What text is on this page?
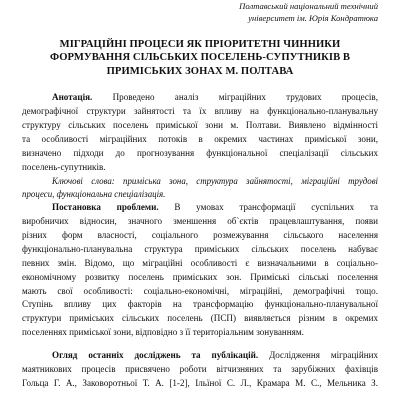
Полтавський національний технічний
університет ім. Юрія Кондратюка
МІГРАЦІЙНІ ПРОЦЕСИ ЯК ПРІОРИТЕТНІ ЧИННИКИ
ФОРМУВАННЯ СІЛЬСЬКИХ ПОСЕЛЕНЬ-СУПУТНИКІВ В
ПРИМІСЬКИХ ЗОНАХ М. ПОЛТАВА
Анотація. Проведено аналіз міграційних трудових процесів,
демографічної структури зайнятості та їх впливу на функціонально-планувальну
структуру сільських поселень приміської зони м. Полтави. Виявлено відмінності
та особливості міграційних потоків в окремих частинах приміської зони,
визначено підходи до прогнозування функціональної спеціалізації сільських
поселень-супутників.
Ключові слова: приміська зона, структура зайнятості, міграційні трудові
процеси, функціональна спеціалізація.
Постановка проблеми. В умовах трансформації суспільних та
виробничих відносин, значного зменшення об`єктів працевлаштування, появи
різних форм власності, соціального розмежування сільського населення
функціонально-планувальна структура приміських сільських поселень набуває
певних змін. Відомо, що міграційні особливості є визначальними в соціально-
економічному розвитку поселень приміських зон. Приміські сільські поселення
мають свої особливості: соціально-економічні, міграційні, демографічні тощо.
Ступінь впливу цих факторів на трансформацію функціонально-планувальної
структури приміських сільських поселень (ПСП) виявляється різним в окремих
поселеннях приміської зони, відповідно з її територіальним зонуванням.
Огляд останніх досліджень та публікацій. Дослідження міграційних
маятникових процесів присвячено роботи вітчизняних та зарубіжних фахівців
Гольца Г. А., Заковоротньої Т. А. [1-2], Ільїної С. Л., Крамара М. С., Мельника З.
